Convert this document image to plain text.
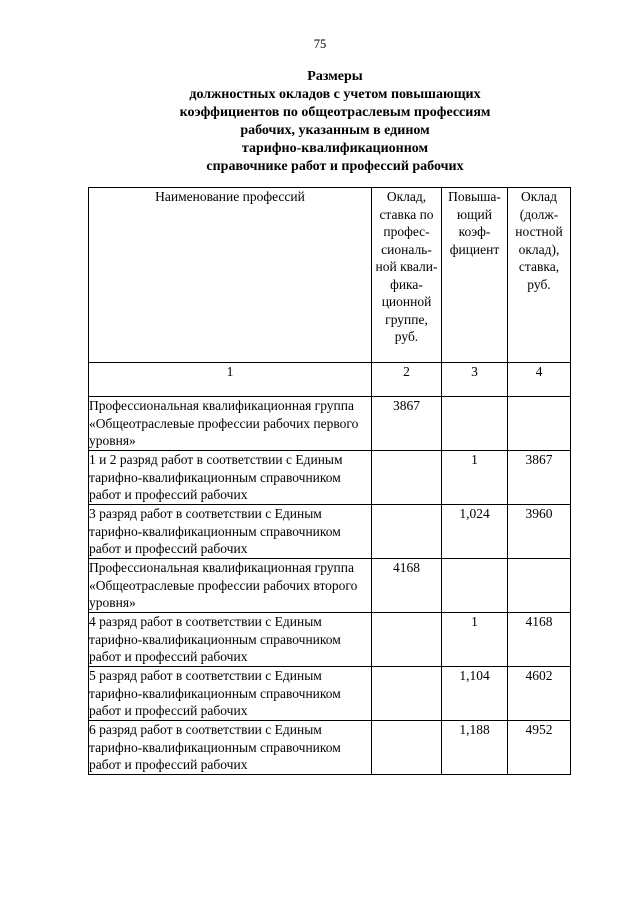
75
Размеры
должностных окладов с учетом повышающих
коэффициентов по общеотраслевым профессиям
рабочих, указанным в едином
тарифно-квалификационном
справочнике работ и профессий рабочих
Наименование профессий	Оклад, ставка по профес-сиональ-ной квали-фика-ционной группе, руб.	Повыша-ющий коэф-фициент	Оклад (долж-ностной оклад), ставка, руб.
1	2	3	4
Профессиональная квалификационная группа «Общеотраслевые профессии рабочих первого уровня»	3867		
1 и 2 разряд работ в соответствии с Единым тарифно-квалификационным справочником работ и профессий рабочих		1	3867
3 разряд работ в соответствии с Единым тарифно-квалификационным справочником работ и профессий рабочих		1,024	3960
Профессиональная квалификационная группа «Общеотраслевые профессии рабочих второго уровня»	4168		
4 разряд работ в соответствии с Единым тарифно-квалификационным справочником работ и профессий рабочих		1	4168
5 разряд работ в соответствии с Единым тарифно-квалификационным справочником работ и профессий рабочих		1,104	4602
6 разряд работ в соответствии с Единым тарифно-квалификационным справочником работ и профессий рабочих		1,188	4952
